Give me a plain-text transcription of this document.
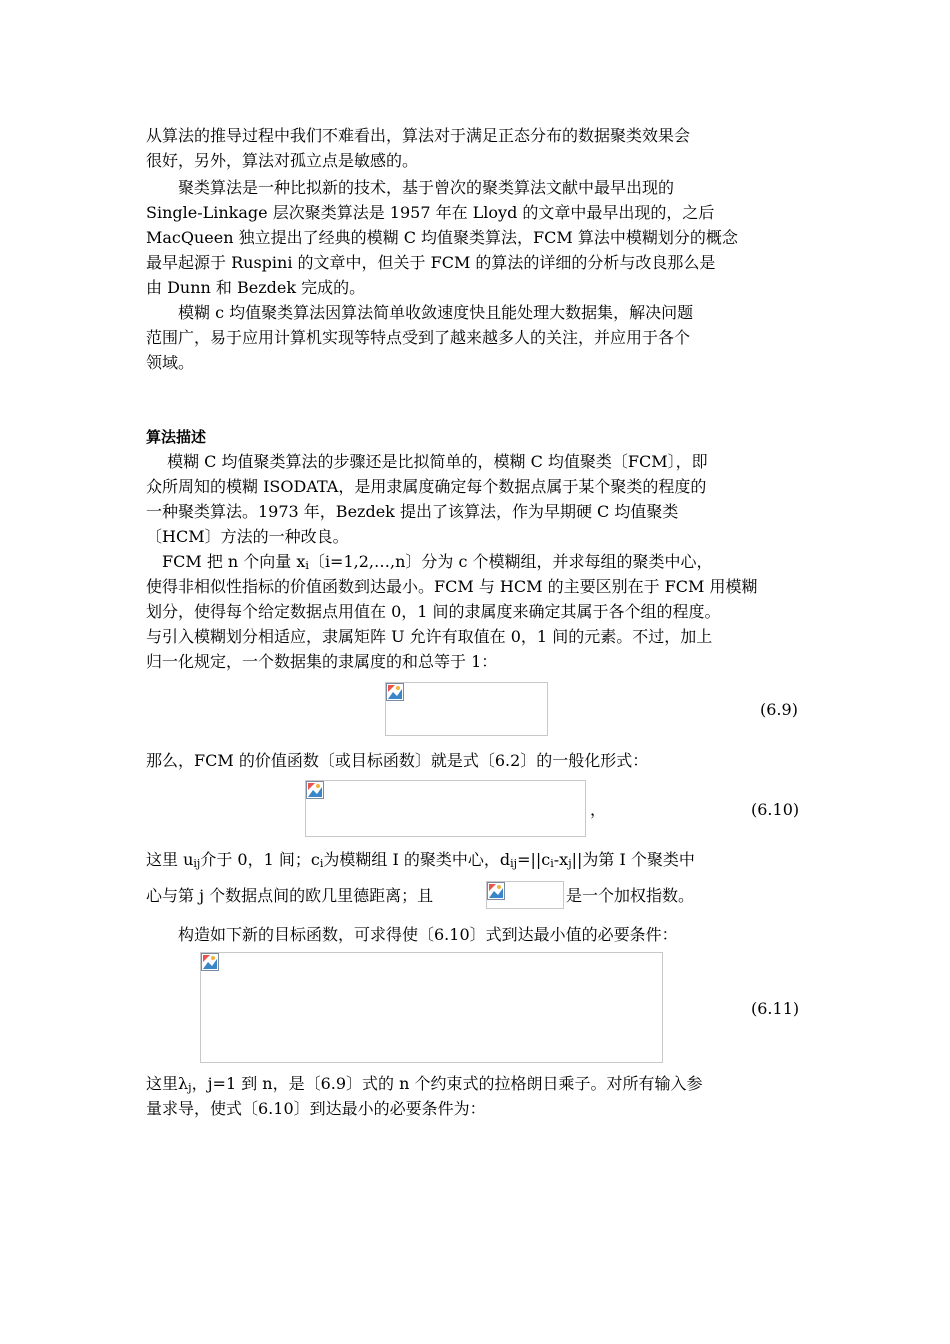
从算法的推导过程中我们不难看出，算法对于满足正态分布的数据聚类效果会
很好，另外，算法对孤立点是敏感的。
　　聚类算法是一种比拟新的技术，基于曾次的聚类算法文献中最早出现的
Single-Linkage 层次聚类算法是 1957 年在 Lloyd 的文章中最早出现的，之后
MacQueen 独立提出了经典的模糊 C 均值聚类算法，FCM 算法中模糊划分的概念
最早起源于 Ruspini 的文章中，但关于 FCM 的算法的详细的分析与改良那么是
由 Dunn 和 Bezdek 完成的。
　　模糊 c 均值聚类算法因算法简单收敛速度快且能处理大数据集，解决问题
范围广，易于应用计算机实现等特点受到了越来越多人的关注，并应用于各个
领域。
算法描述
　 模糊 C 均值聚类算法的步骤还是比拟简单的，模糊 C 均值聚类〔FCM〕，即
众所周知的模糊 ISODATA，是用隶属度确定每个数据点属于某个聚类的程度的
一种聚类算法。1973 年，Bezdek 提出了该算法，作为早期硬 C 均值聚类
〔HCM〕方法的一种改良。
　FCM 把 n 个向量 xi〔i=1,2,…,n〕分为 c 个模糊组，并求每组的聚类中心，
使得非相似性指标的价值函数到达最小。FCM 与 HCM 的主要区别在于 FCM 用模糊
划分，使得每个给定数据点用值在 0，1 间的隶属度来确定其属于各个组的程度。
与引入模糊划分相适应，隶属矩阵 U 允许有取值在 0，1 间的元素。不过，加上
归一化规定，一个数据集的隶属度的和总等于 1：
(6.9)
那么，FCM 的价值函数〔或目标函数〕就是式〔6.2〕的一般化形式：
，	(6.10)
这里 uij介于 0，1 间；ci为模糊组 I 的聚类中心，dij=||ci-xj||为第 I 个聚类中
心与第 j 个数据点间的欧几里德距离；且	是一个加权指数。
　　构造如下新的目标函数，可求得使〔6.10〕式到达最小值的必要条件：
(6.11)
这里λj，j=1 到 n，是〔6.9〕式的 n 个约束式的拉格朗日乘子。对所有输入参
量求导，使式〔6.10〕到达最小的必要条件为：
